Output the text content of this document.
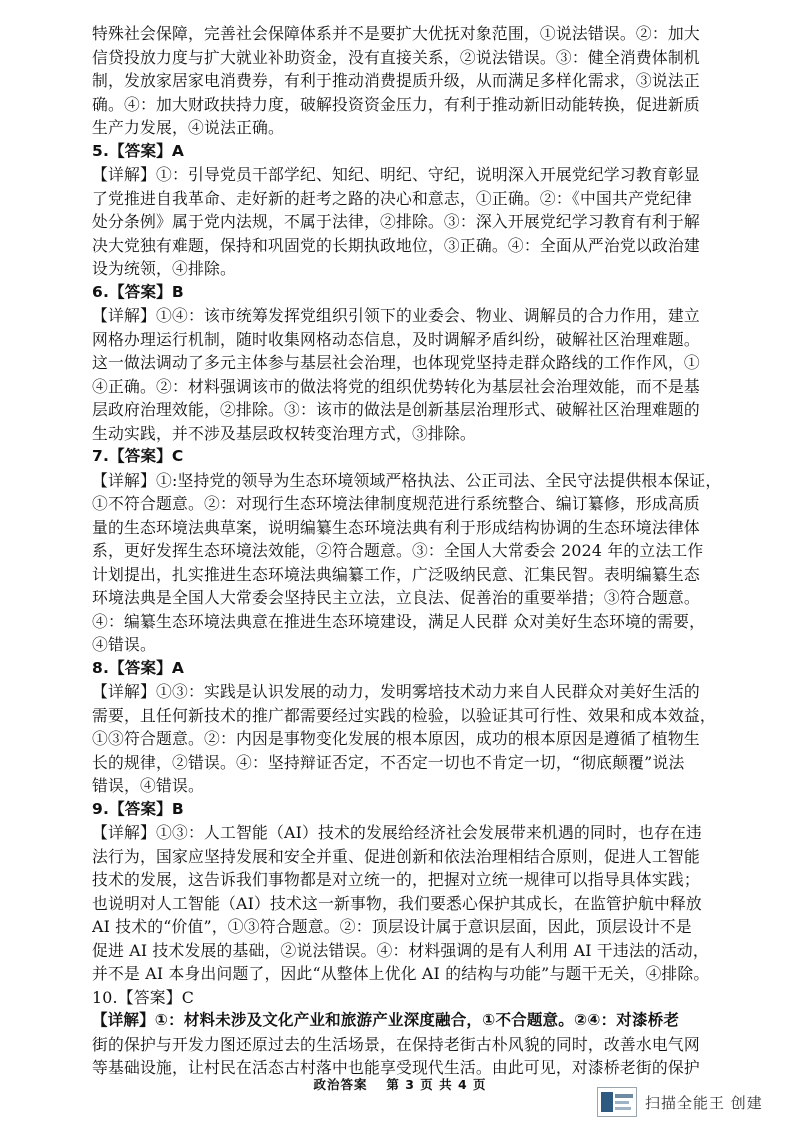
特殊社会保障，完善社会保障体系并不是要扩大优抚对象范围，①说法错误。②：加大
信贷投放力度与扩大就业补助资金，没有直接关系，②说法错误。③：健全消费体制机
制，发放家居家电消费券，有利于推动消费提质升级，从而满足多样化需求，③说法正
确。④：加大财政扶持力度，破解投资资金压力，有利于推动新旧动能转换，促进新质
生产力发展，④说法正确。
5.【答案】A
【详解】①：引导党员干部学纪、知纪、明纪、守纪，说明深入开展党纪学习教育彰显
了党推进自我革命、走好新的赶考之路的决心和意志，①正确。②：《中国共产党纪律
处分条例》属于党内法规，不属于法律，②排除。③：深入开展党纪学习教育有利于解
决大党独有难题，保持和巩固党的长期执政地位，③正确。④：全面从严治党以政治建
设为统领，④排除。
6.【答案】B
【详解】①④：该市统筹发挥党组织引领下的业委会、物业、调解员的合力作用，建立
网格办理运行机制，随时收集网格动态信息，及时调解矛盾纠纷，破解社区治理难题。
这一做法调动了多元主体参与基层社会治理，也体现党坚持走群众路线的工作作风，①
④正确。②：材料强调该市的做法将党的组织优势转化为基层社会治理效能，而不是基
层政府治理效能，②排除。③：该市的做法是创新基层治理形式、破解社区治理难题的
生动实践，并不涉及基层政权转变治理方式，③排除。
7.【答案】C
【详解】①:坚持党的领导为生态环境领域严格执法、公正司法、全民守法提供根本保证，
①不符合题意。②：对现行生态环境法律制度规范进行系统整合、编订纂修，形成高质
量的生态环境法典草案，说明编纂生态环境法典有利于形成结构协调的生态环境法律体
系，更好发挥生态环境法效能，②符合题意。③：全国人大常委会 2024 年的立法工作
计划提出，扎实推进生态环境法典编纂工作，广泛吸纳民意、汇集民智。表明编纂生态
环境法典是全国人大常委会坚持民主立法，立良法、促善治的重要举措；③符合题意。
④：编纂生态环境法典意在推进生态环境建设，满足人民群 众对美好生态环境的需要，
④错误。
8.【答案】A
【详解】①③：实践是认识发展的动力，发明雾培技术动力来自人民群众对美好生活的
需要，且任何新技术的推广都需要经过实践的检验，以验证其可行性、效果和成本效益，
①③符合题意。②：内因是事物变化发展的根本原因，成功的根本原因是遵循了植物生
长的规律，②错误。④：坚持辩证否定，不否定一切也不肯定一切，“彻底颠覆”说法
错误，④错误。
9.【答案】B
【详解】①③：人工智能（AI）技术的发展给经济社会发展带来机遇的同时，也存在违
法行为，国家应坚持发展和安全并重、促进创新和依法治理相结合原则，促进人工智能
技术的发展，这告诉我们事物都是对立统一的，把握对立统一规律可以指导具体实践；
也说明对人工智能（AI）技术这一新事物，我们要悉心保护其成长，在监管护航中释放
AI 技术的“价值”，①③符合题意。②：顶层设计属于意识层面，因此，顶层设计不是
促进 AI 技术发展的基础，②说法错误。④：材料强调的是有人利用 AI 干违法的活动，
并不是 AI 本身出问题了，因此“从整体上优化 AI 的结构与功能”与题干无关，④排除。
10.【答案】C
【详解】①：材料未涉及文化产业和旅游产业深度融合，①不合题意。②④：对漆桥老
街的保护与开发力图还原过去的生活场景，在保持老街古朴风貌的同时，改善水电气网
等基础设施，让村民在活态古村落中也能享受现代生活。由此可见，对漆桥老街的保护
政治答案　 第 3 页 共 4 页
扫描全能王 创建
